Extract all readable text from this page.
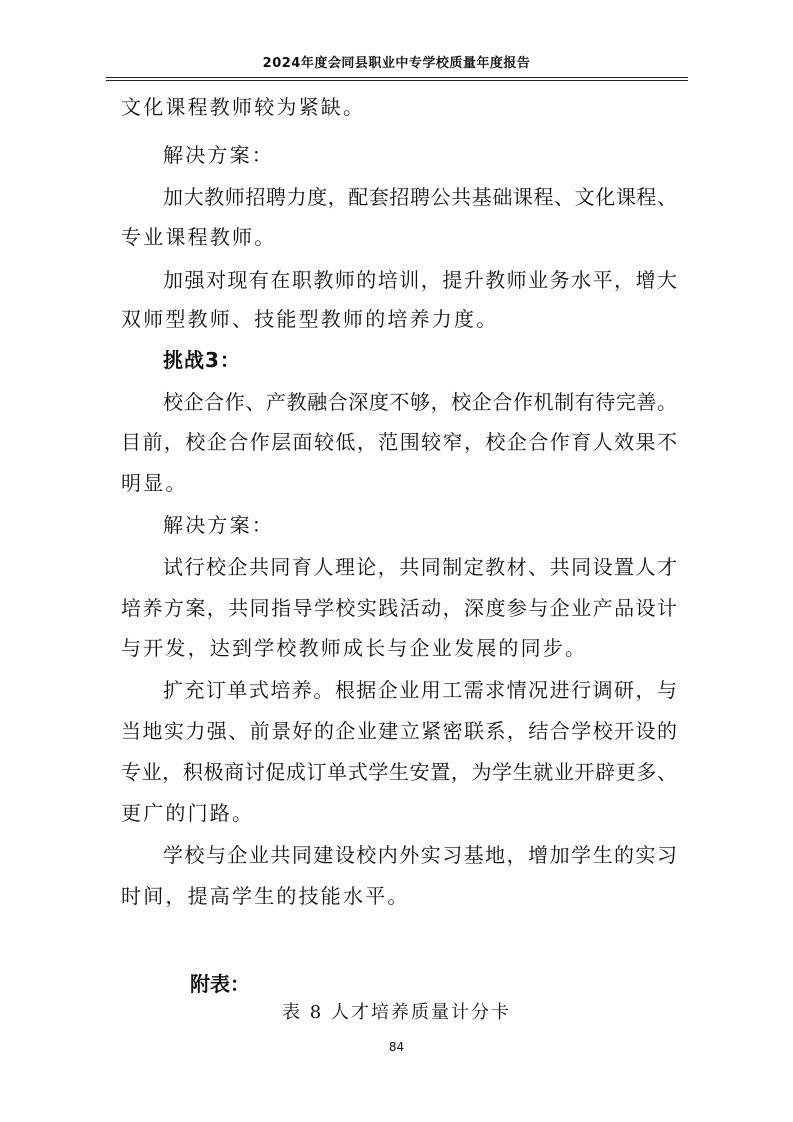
2024年度会同县职业中专学校质量年度报告
文化课程教师较为紧缺。
解决方案：
加大教师招聘力度，配套招聘公共基础课程、文化课程、
专业课程教师。
加强对现有在职教师的培训，提升教师业务水平，增大
双师型教师、技能型教师的培养力度。
挑战3：
校企合作、产教融合深度不够，校企合作机制有待完善。
目前，校企合作层面较低，范围较窄，校企合作育人效果不
明显。
解决方案：
试行校企共同育人理论，共同制定教材、共同设置人才
培养方案，共同指导学校实践活动，深度参与企业产品设计
与开发，达到学校教师成长与企业发展的同步。
扩充订单式培养。根据企业用工需求情况进行调研，与
当地实力强、前景好的企业建立紧密联系，结合学校开设的
专业，积极商讨促成订单式学生安置，为学生就业开辟更多、
更广的门路。
学校与企业共同建设校内外实习基地，增加学生的实习
时间，提高学生的技能水平。
附表：
表 8 人才培养质量计分卡
84
